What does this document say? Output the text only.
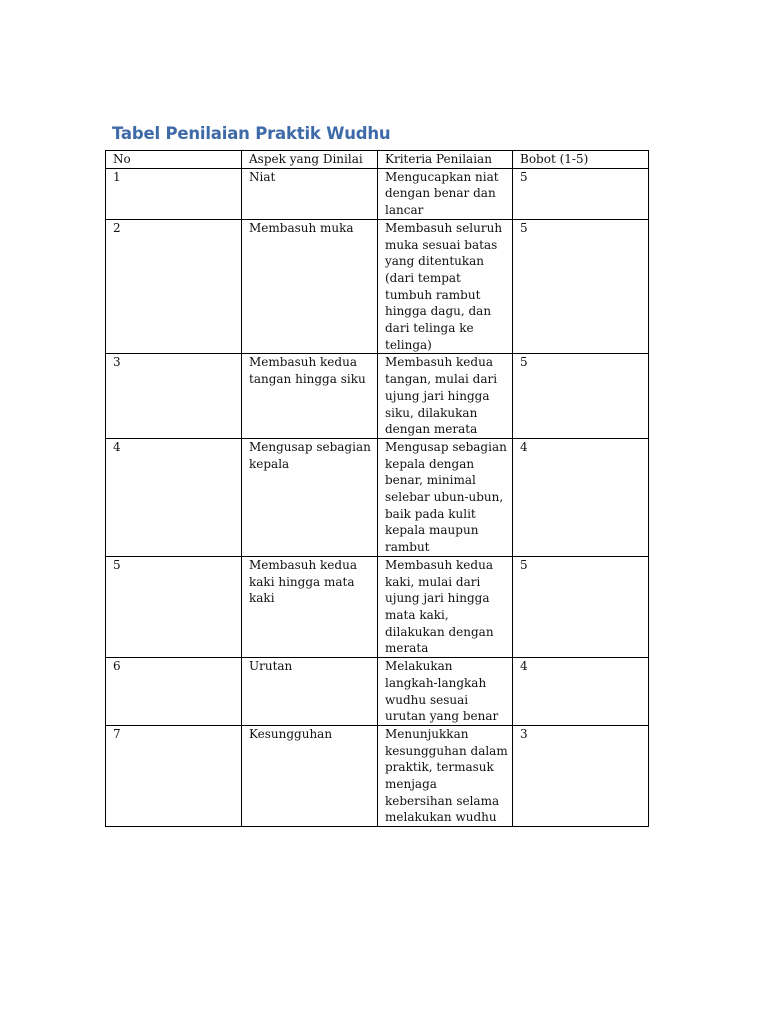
Tabel Penilaian Praktik Wudhu
No	Aspek yang Dinilai	Kriteria Penilaian	Bobot (1-5)
1	Niat	Mengucapkan niat dengan benar dan lancar	5
2	Membasuh muka	Membasuh seluruh muka sesuai batas yang ditentukan (dari tempat tumbuh rambut hingga dagu, dan dari telinga ke telinga)	5
3	Membasuh kedua tangan hingga siku	Membasuh kedua tangan, mulai dari ujung jari hingga siku, dilakukan dengan merata	5
4	Mengusap sebagian kepala	Mengusap sebagian kepala dengan benar, minimal selebar ubun-ubun, baik pada kulit kepala maupun rambut	4
5	Membasuh kedua kaki hingga mata kaki	Membasuh kedua kaki, mulai dari ujung jari hingga mata kaki, dilakukan dengan merata	5
6	Urutan	Melakukan langkah-langkah wudhu sesuai urutan yang benar	4
7	Kesungguhan	Menunjukkan kesungguhan dalam praktik, termasuk menjaga kebersihan selama melakukan wudhu	3
